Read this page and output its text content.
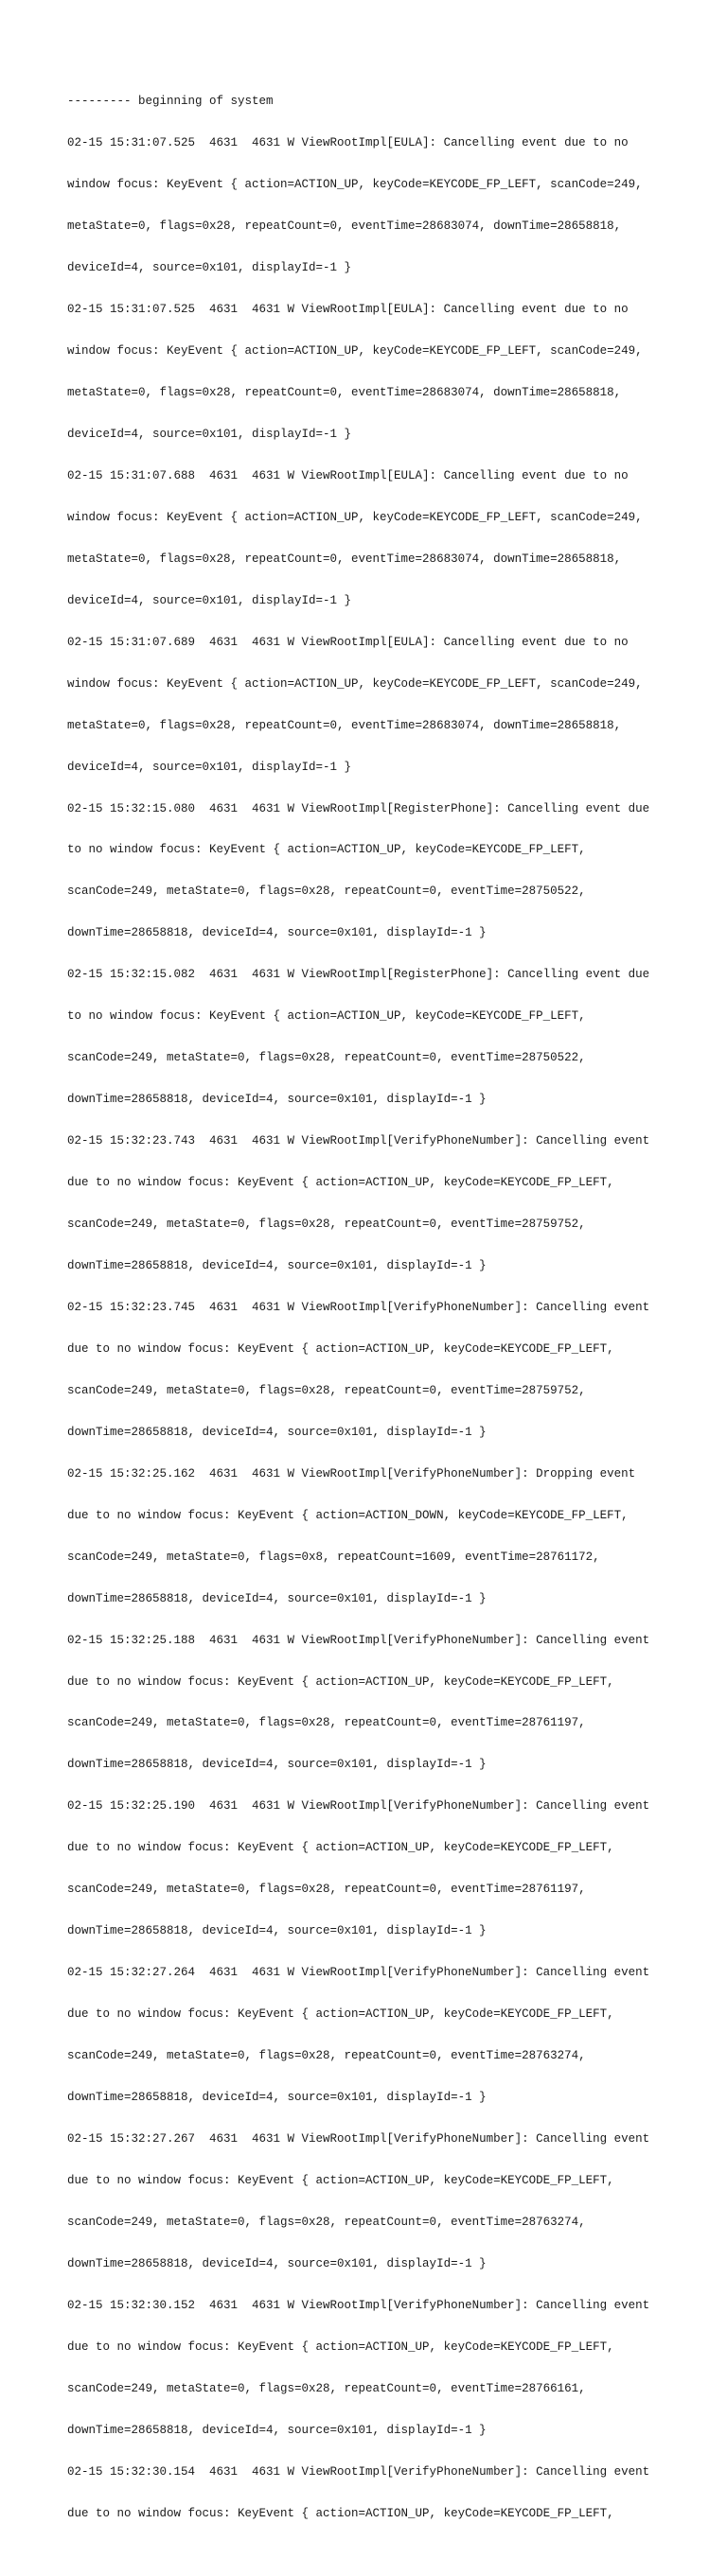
--------- beginning of system

02-15 15:31:07.525  4631  4631 W ViewRootImpl[EULA]: Cancelling event due to no

window focus: KeyEvent { action=ACTION_UP, keyCode=KEYCODE_FP_LEFT, scanCode=249,

metaState=0, flags=0x28, repeatCount=0, eventTime=28683074, downTime=28658818,

deviceId=4, source=0x101, displayId=-1 }

02-15 15:31:07.525  4631  4631 W ViewRootImpl[EULA]: Cancelling event due to no

window focus: KeyEvent { action=ACTION_UP, keyCode=KEYCODE_FP_LEFT, scanCode=249,

metaState=0, flags=0x28, repeatCount=0, eventTime=28683074, downTime=28658818,

deviceId=4, source=0x101, displayId=-1 }

02-15 15:31:07.688  4631  4631 W ViewRootImpl[EULA]: Cancelling event due to no

window focus: KeyEvent { action=ACTION_UP, keyCode=KEYCODE_FP_LEFT, scanCode=249,

metaState=0, flags=0x28, repeatCount=0, eventTime=28683074, downTime=28658818,

deviceId=4, source=0x101, displayId=-1 }

02-15 15:31:07.689  4631  4631 W ViewRootImpl[EULA]: Cancelling event due to no

window focus: KeyEvent { action=ACTION_UP, keyCode=KEYCODE_FP_LEFT, scanCode=249,

metaState=0, flags=0x28, repeatCount=0, eventTime=28683074, downTime=28658818,

deviceId=4, source=0x101, displayId=-1 }

02-15 15:32:15.080  4631  4631 W ViewRootImpl[RegisterPhone]: Cancelling event due

to no window focus: KeyEvent { action=ACTION_UP, keyCode=KEYCODE_FP_LEFT,

scanCode=249, metaState=0, flags=0x28, repeatCount=0, eventTime=28750522,

downTime=28658818, deviceId=4, source=0x101, displayId=-1 }

02-15 15:32:15.082  4631  4631 W ViewRootImpl[RegisterPhone]: Cancelling event due

to no window focus: KeyEvent { action=ACTION_UP, keyCode=KEYCODE_FP_LEFT,

scanCode=249, metaState=0, flags=0x28, repeatCount=0, eventTime=28750522,

downTime=28658818, deviceId=4, source=0x101, displayId=-1 }

02-15 15:32:23.743  4631  4631 W ViewRootImpl[VerifyPhoneNumber]: Cancelling event

due to no window focus: KeyEvent { action=ACTION_UP, keyCode=KEYCODE_FP_LEFT,

scanCode=249, metaState=0, flags=0x28, repeatCount=0, eventTime=28759752,

downTime=28658818, deviceId=4, source=0x101, displayId=-1 }

02-15 15:32:23.745  4631  4631 W ViewRootImpl[VerifyPhoneNumber]: Cancelling event

due to no window focus: KeyEvent { action=ACTION_UP, keyCode=KEYCODE_FP_LEFT,

scanCode=249, metaState=0, flags=0x28, repeatCount=0, eventTime=28759752,

downTime=28658818, deviceId=4, source=0x101, displayId=-1 }

02-15 15:32:25.162  4631  4631 W ViewRootImpl[VerifyPhoneNumber]: Dropping event

due to no window focus: KeyEvent { action=ACTION_DOWN, keyCode=KEYCODE_FP_LEFT,

scanCode=249, metaState=0, flags=0x8, repeatCount=1609, eventTime=28761172,

downTime=28658818, deviceId=4, source=0x101, displayId=-1 }

02-15 15:32:25.188  4631  4631 W ViewRootImpl[VerifyPhoneNumber]: Cancelling event

due to no window focus: KeyEvent { action=ACTION_UP, keyCode=KEYCODE_FP_LEFT,

scanCode=249, metaState=0, flags=0x28, repeatCount=0, eventTime=28761197,

downTime=28658818, deviceId=4, source=0x101, displayId=-1 }

02-15 15:32:25.190  4631  4631 W ViewRootImpl[VerifyPhoneNumber]: Cancelling event

due to no window focus: KeyEvent { action=ACTION_UP, keyCode=KEYCODE_FP_LEFT,

scanCode=249, metaState=0, flags=0x28, repeatCount=0, eventTime=28761197,

downTime=28658818, deviceId=4, source=0x101, displayId=-1 }

02-15 15:32:27.264  4631  4631 W ViewRootImpl[VerifyPhoneNumber]: Cancelling event

due to no window focus: KeyEvent { action=ACTION_UP, keyCode=KEYCODE_FP_LEFT,

scanCode=249, metaState=0, flags=0x28, repeatCount=0, eventTime=28763274,

downTime=28658818, deviceId=4, source=0x101, displayId=-1 }

02-15 15:32:27.267  4631  4631 W ViewRootImpl[VerifyPhoneNumber]: Cancelling event

due to no window focus: KeyEvent { action=ACTION_UP, keyCode=KEYCODE_FP_LEFT,

scanCode=249, metaState=0, flags=0x28, repeatCount=0, eventTime=28763274,

downTime=28658818, deviceId=4, source=0x101, displayId=-1 }

02-15 15:32:30.152  4631  4631 W ViewRootImpl[VerifyPhoneNumber]: Cancelling event

due to no window focus: KeyEvent { action=ACTION_UP, keyCode=KEYCODE_FP_LEFT,

scanCode=249, metaState=0, flags=0x28, repeatCount=0, eventTime=28766161,

downTime=28658818, deviceId=4, source=0x101, displayId=-1 }

02-15 15:32:30.154  4631  4631 W ViewRootImpl[VerifyPhoneNumber]: Cancelling event

due to no window focus: KeyEvent { action=ACTION_UP, keyCode=KEYCODE_FP_LEFT,
